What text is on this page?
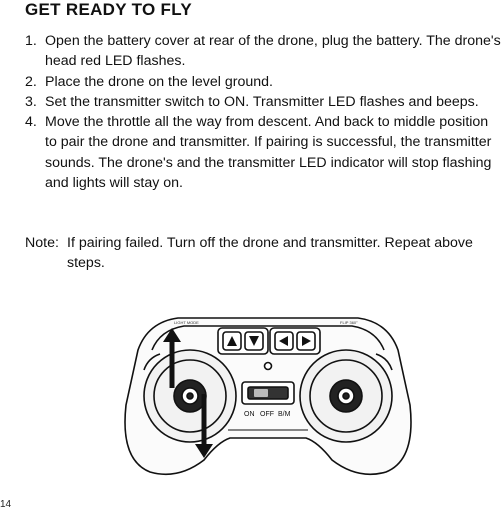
GET READY TO FLY
1. Open the battery cover at rear of the drone, plug the battery. The drone's head red LED flashes.
2. Place the drone on the level ground.
3. Set the transmitter switch to ON. Transmitter LED flashes and beeps.
4. Move the throttle all the way from descent. And back to middle position to pair the drone and transmitter. If pairing is successful, the transmitter sounds. The drone's and the transmitter LED indicator will stop flashing and lights will stay on.
Note: If pairing failed. Turn off the drone and transmitter. Repeat above steps.
LIGHT MODE	FLIP 360°
ON OFF B/M
14
